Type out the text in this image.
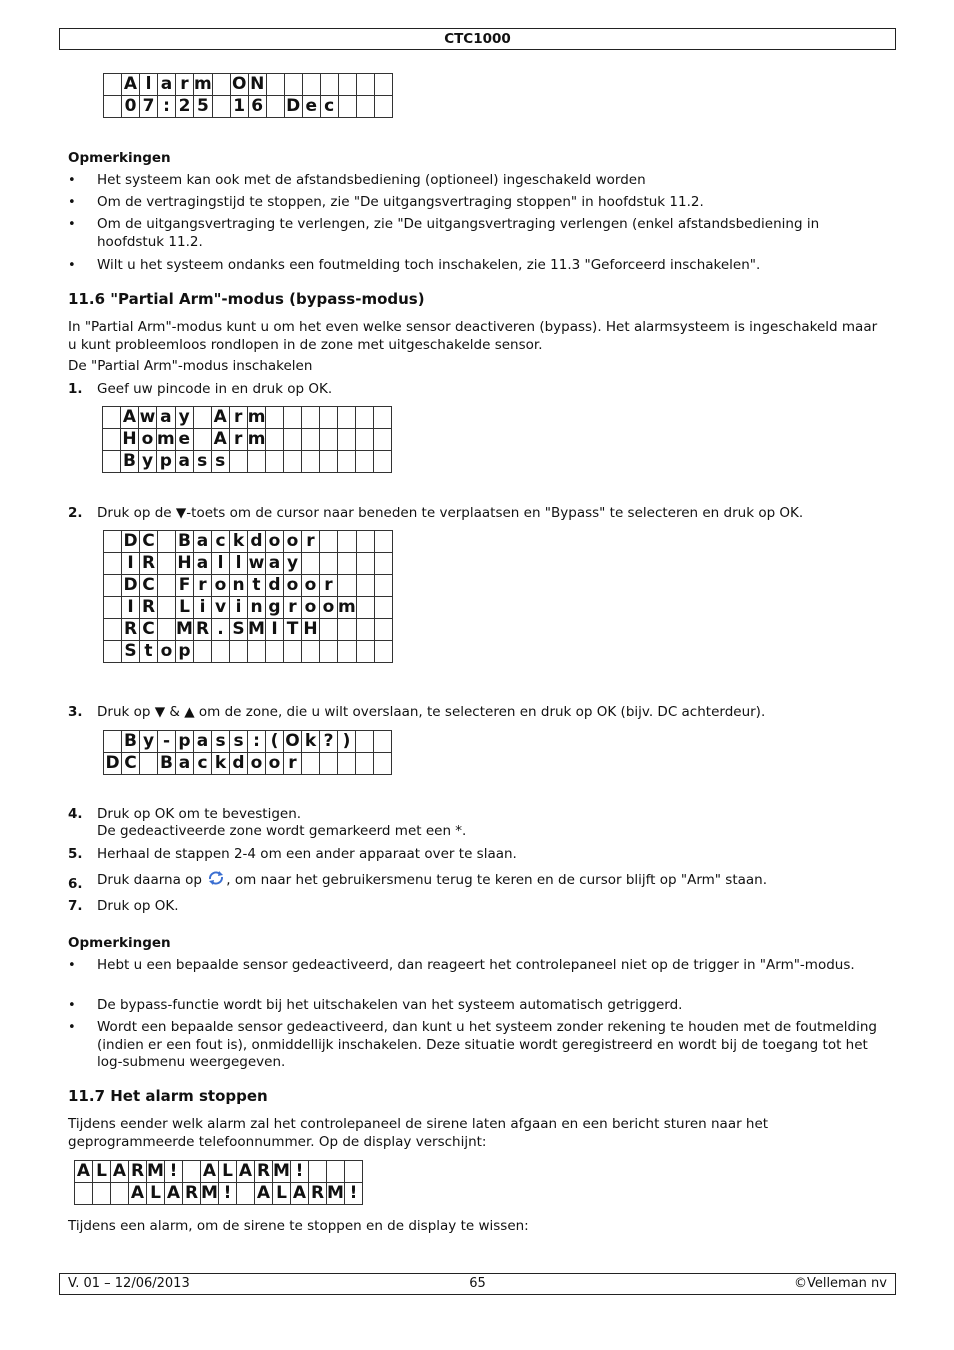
CTC1000
	A	l	a	r	m		O	N							
	0	7	:	2	5		1	6		D	e	c			
Opmerkingen
• Het systeem kan ook met de afstandsbediening (optioneel) ingeschakeld worden
• Om de vertragingstijd te stoppen, zie "De uitgangsvertraging stoppen" in hoofdstuk 11.2.
• Om de uitgangsvertraging te verlengen, zie "De uitgangsvertraging verlengen (enkel afstandsbediening in hoofdstuk 11.2.
• Wilt u het systeem ondanks een foutmelding toch inschakelen, zie 11.3 "Geforceerd inschakelen".
11.6 "Partial Arm"-modus (bypass-modus)
In "Partial Arm"-modus kunt u om het even welke sensor deactiveren (bypass). Het alarmsysteem is ingeschakeld maar u kunt probleemloos rondlopen in de zone met uitgeschakelde sensor.
De "Partial Arm"-modus inschakelen
1. Geef uw pincode in en druk op OK.
	A	w	a	y		A	r	m							
	H	o	m	e		A	r	m							
	B	y	p	a	s	s									
2. Druk op de ▼-toets om de cursor naar beneden te verplaatsen en "Bypass" te selecteren en druk op OK.
	D	C		B	a	c	k	d	o	o	r				
	I	R		H	a	l	l	w	a	y					
	D	C		F	r	o	n	t	d	o	o	r			
	I	R		L	i	v	i	n	g	r	o	o	m		
	R	C		M	R	.	S	M	I	T	H				
	S	t	o	p											
3. Druk op ▼ & ▲ om de zone, die u wilt overslaan, te selecteren en druk op OK (bijv. DC achterdeur).
	B	y	-	p	a	s	s	:	(	O	k	?	)		
D	C		B	a	c	k	d	o	o	r					
4. Druk op OK om te bevestigen.
De gedeactiveerde zone wordt gemarkeerd met een *.
5. Herhaal de stappen 2-4 om een ander apparaat over te slaan.
6. Druk daarna op , om naar het gebruikersmenu terug te keren en de cursor blijft op "Arm" staan.
7. Druk op OK.
Opmerkingen
• Hebt u een bepaalde sensor gedeactiveerd, dan reageert het controlepaneel niet op de trigger in "Arm"-modus.
• De bypass-functie wordt bij het uitschakelen van het systeem automatisch getriggerd.
• Wordt een bepaalde sensor gedeactiveerd, dan kunt u het systeem zonder rekening te houden met de foutmelding (indien er een fout is), onmiddellijk inschakelen. Deze situatie wordt geregistreerd en wordt bij de toegang tot het log-submenu weergegeven.
11.7 Het alarm stoppen
Tijdens eender welk alarm zal het controlepaneel de sirene laten afgaan en een bericht sturen naar het geprogrammeerde telefoonnummer. Op de display verschijnt:
A	L	A	R	M	!		A	L	A	R	M	!			
			A	L	A	R	M	!		A	L	A	R	M	!
Tijdens een alarm, om de sirene te stoppen en de display te wissen:
V. 01 – 12/06/2013	65	©Velleman nv
